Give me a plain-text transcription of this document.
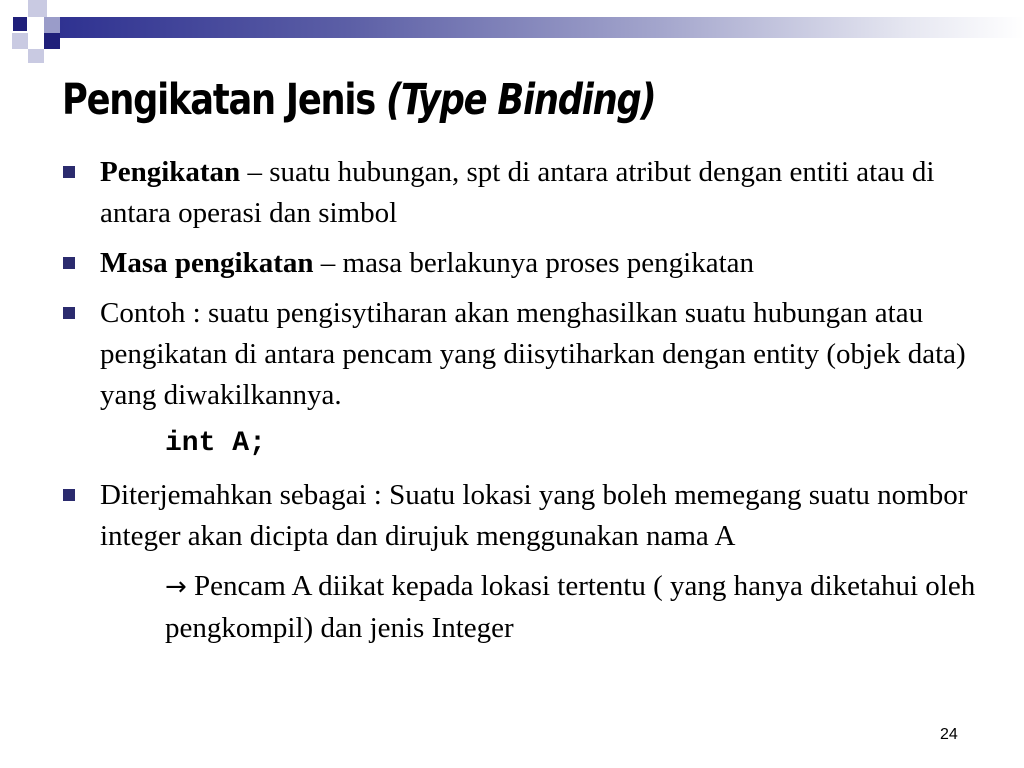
Pengikatan Jenis (Type Binding)
Pengikatan – suatu hubungan, spt di antara atribut dengan entiti atau di antara operasi dan simbol
Masa pengikatan – masa berlakunya proses pengikatan
Contoh : suatu pengisytiharan akan menghasilkan suatu hubungan atau pengikatan di antara pencam yang diisytiharkan dengan entity (objek data) yang diwakilkannya.
int A;
Diterjemahkan sebagai : Suatu lokasi yang boleh memegang suatu nombor integer akan dicipta dan dirujuk menggunakan nama A
→ Pencam A diikat kepada lokasi tertentu ( yang hanya diketahui oleh pengkompil) dan jenis Integer
24
